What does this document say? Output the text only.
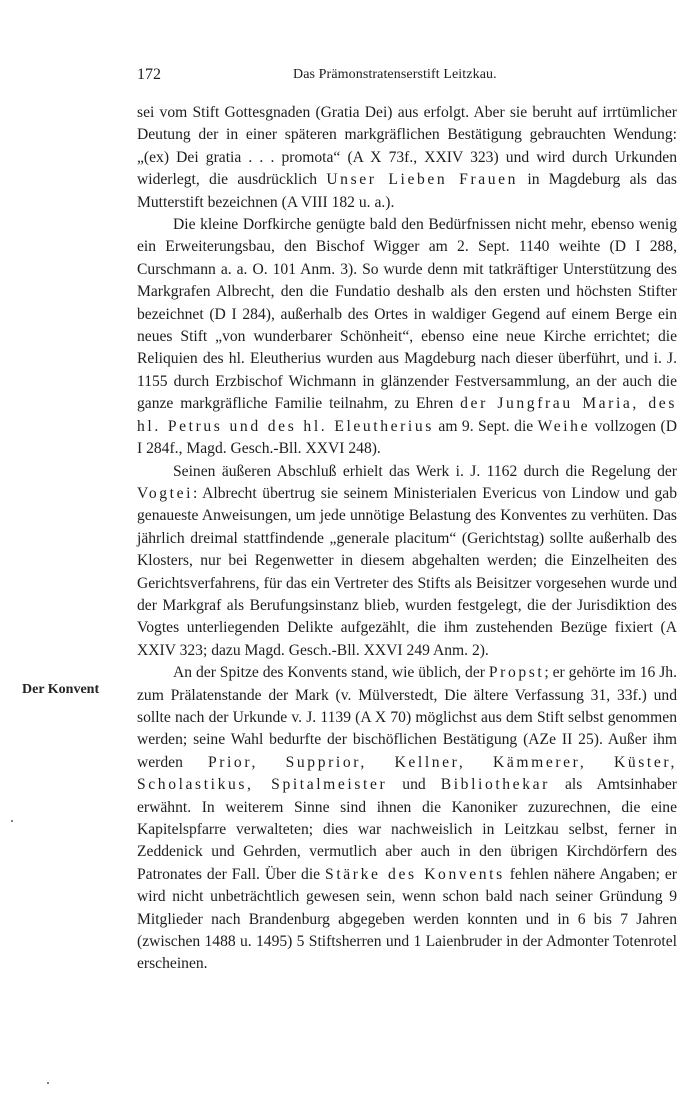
172	Das Prämonstratenserstift Leitzkau.
Der Konvent

sei vom Stift Gottesgnaden (Gratia Dei) aus erfolgt. Aber sie beruht auf irrtümlicher Deutung der in einer späteren markgräflichen Bestätigung gebrauchten Wendung: „(ex) Dei gratia . . . promota“ (A X 73f., XXIV 323) und wird durch Urkunden widerlegt, die ausdrücklich Unser Lieben Frauen in Magdeburg als das Mutterstift bezeichnen (A VIII 182 u. a.).

Die kleine Dorfkirche genügte bald den Bedürfnissen nicht mehr, ebenso wenig ein Erweiterungsbau, den Bischof Wigger am 2. Sept. 1140 weihte (D I 288, Curschmann a. a. O. 101 Anm. 3). So wurde denn mit tatkräftiger Unterstützung des Markgrafen Albrecht, den die Fundatio deshalb als den ersten und höchsten Stifter bezeichnet (D I 284), außerhalb des Ortes in waldiger Gegend auf einem Berge ein neues Stift „von wunderbarer Schönheit“, ebenso eine neue Kirche errichtet; die Reliquien des hl. Eleutherius wurden aus Magdeburg nach dieser überführt, und i. J. 1155 durch Erzbischof Wichmann in glänzender Festversammlung, an der auch die ganze markgräfliche Familie teilnahm, zu Ehren der Jungfrau Maria, des hl. Petrus und des hl. Eleutherius am 9. Sept. die Weihe vollzogen (D I 284f., Magd. Gesch.-Bll. XXVI 248).

Seinen äußeren Abschluß erhielt das Werk i. J. 1162 durch die Regelung der Vogtei: Albrecht übertrug sie seinem Ministerialen Evericus von Lindow und gab genaueste Anweisungen, um jede unnötige Belastung des Konventes zu verhüten. Das jährlich dreimal stattfindende „generale placitum“ (Gerichtstag) sollte außerhalb des Klosters, nur bei Regenwetter in diesem abgehalten werden; die Einzelheiten des Gerichtsverfahrens, für das ein Vertreter des Stifts als Beisitzer vorgesehen wurde und der Markgraf als Berufungsinstanz blieb, wurden festgelegt, die der Jurisdiktion des Vogtes unterliegenden Delikte aufgezählt, die ihm zustehenden Bezüge fixiert (A XXIV 323; dazu Magd. Gesch.-Bll. XXVI 249 Anm. 2).

An der Spitze des Konvents stand, wie üblich, der Propst; er gehörte im 16 Jh. zum Prälatenstande der Mark (v. Mülverstedt, Die ältere Verfassung 31, 33f.) und sollte nach der Urkunde v. J. 1139 (A X 70) möglichst aus dem Stift selbst genommen werden; seine Wahl bedurfte der bischöflichen Bestätigung (AZe II 25). Außer ihm werden Prior, Supprior, Kellner, Kämmerer, Küster, Scholastikus, Spitalmeister und Bibliothekar als Amtsinhaber erwähnt. In weiterem Sinne sind ihnen die Kanoniker zuzurechnen, die eine Kapitelspfarre verwalteten; dies war nachweislich in Leitzkau selbst, ferner in Zeddenick und Gehrden, vermutlich aber auch in den übrigen Kirchdörfern des Patronates der Fall. Über die Stärke des Konvents fehlen nähere Angaben; er wird nicht unbeträchtlich gewesen sein, wenn schon bald nach seiner Gründung 9 Mitglieder nach Brandenburg abgegeben werden konnten und in 6 bis 7 Jahren (zwischen 1488 u. 1495) 5 Stiftsherren und 1 Laienbruder in der Admonter Totenrotel erscheinen.
